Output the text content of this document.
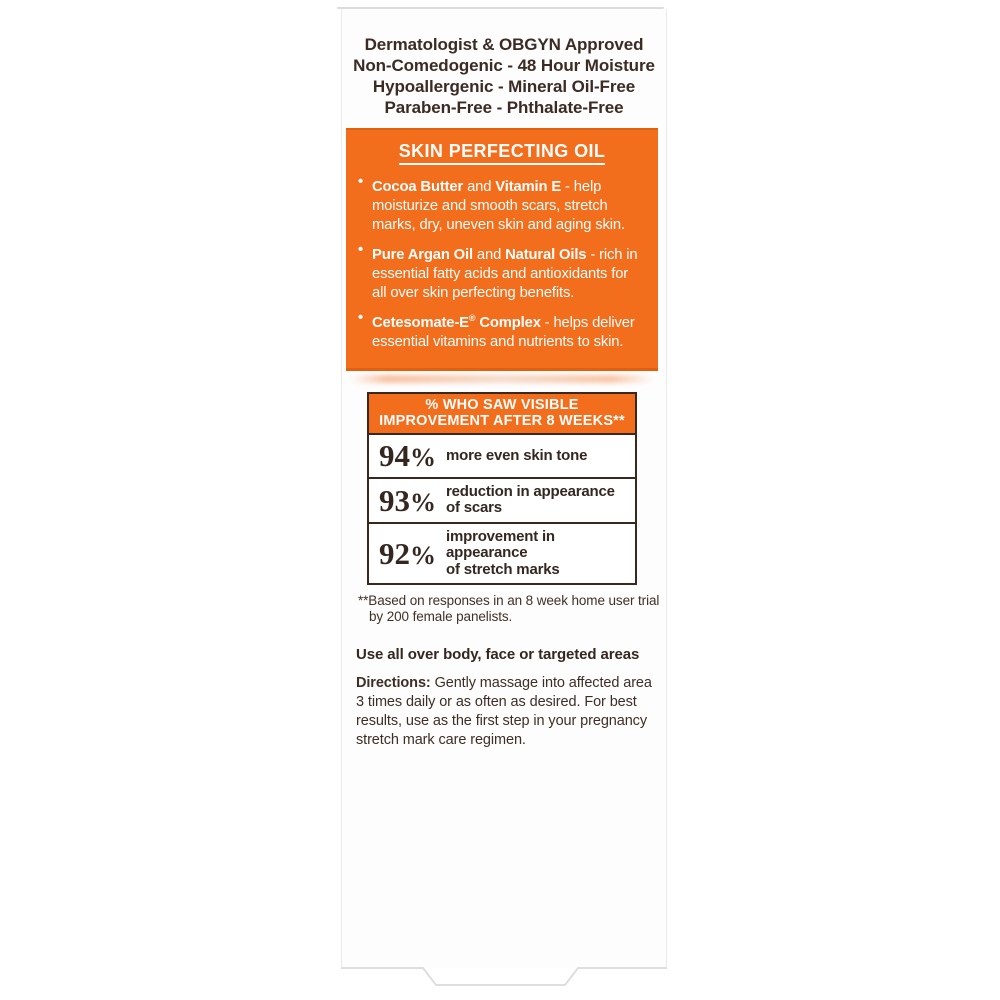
Dermatologist & OBGYN Approved
Non-Comedogenic - 48 Hour Moisture
Hypoallergenic - Mineral Oil-Free
Paraben-Free - Phthalate-Free
SKIN PERFECTING OIL
•
Cocoa Butter and Vitamin E - help moisturize and smooth scars, stretch marks, dry, uneven skin and aging skin.
•
Pure Argan Oil and Natural Oils - rich in essential fatty acids and antioxidants for all over skin perfecting benefits.
•
Cetesomate-E® Complex - helps deliver essential vitamins and nutrients to skin.
% WHO SAW VISIBLE
IMPROVEMENT AFTER 8 WEEKS**
94% more even skin tone
93% reduction in appearance
of scars
92%
improvement in appearance
of stretch marks
**Based on responses in an 8 week home user trial
by 200 female panelists.
Use all over body, face or targeted areas

Directions: Gently massage into affected area 3 times daily or as often as desired. For best results, use as the first step in your pregnancy stretch mark care regimen.
